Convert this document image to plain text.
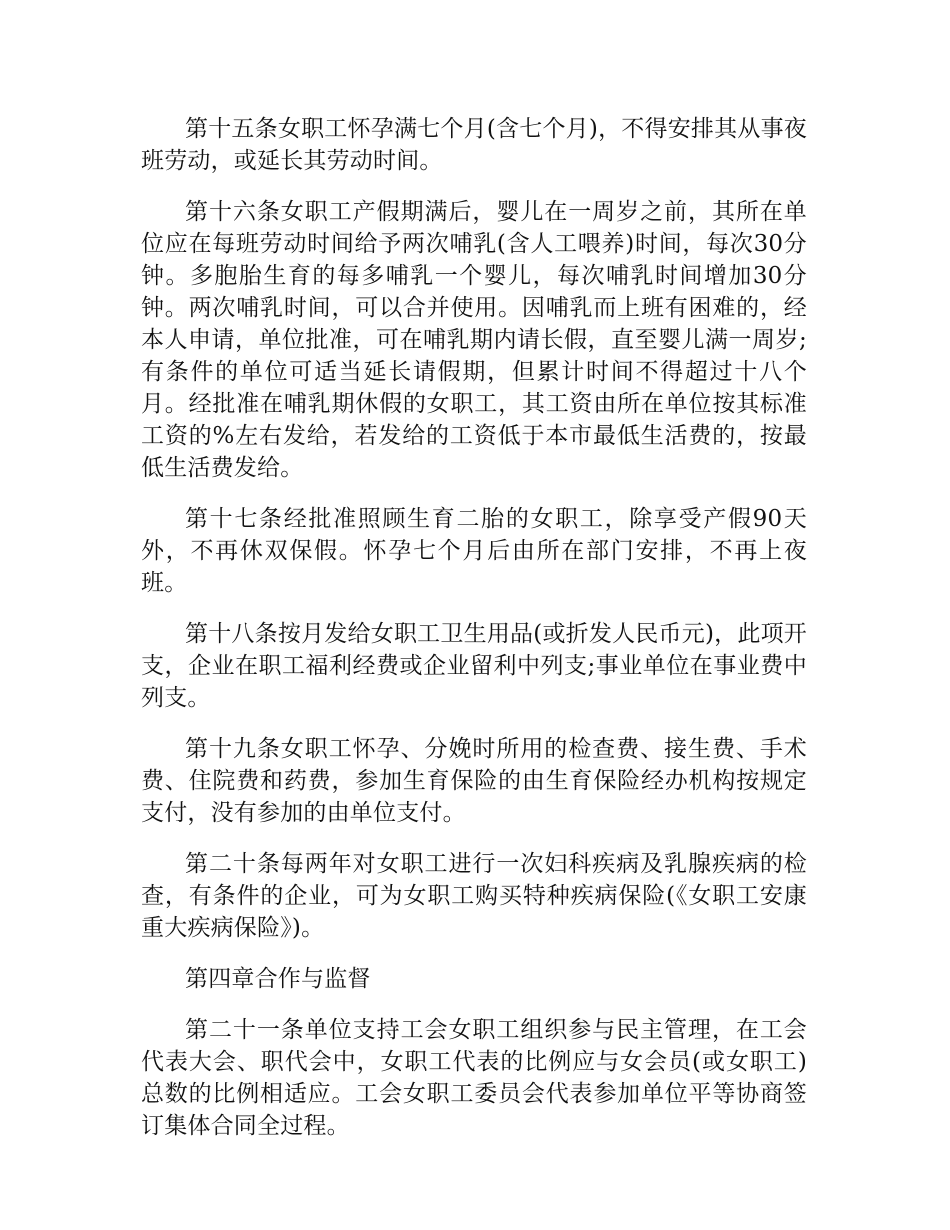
第十五条女职工怀孕满七个月(含七个月)，不得安排其从事夜班劳动，或延长其劳动时间。

第十六条女职工产假期满后，婴儿在一周岁之前，其所在单位应在每班劳动时间给予两次哺乳(含人工喂养)时间，每次30分钟。多胞胎生育的每多哺乳一个婴儿，每次哺乳时间增加30分钟。两次哺乳时间，可以合并使用。因哺乳而上班有困难的，经本人申请，单位批准，可在哺乳期内请长假，直至婴儿满一周岁;有条件的单位可适当延长请假期，但累计时间不得超过十八个月。经批准在哺乳期休假的女职工，其工资由所在单位按其标准工资的%左右发给，若发给的工资低于本市最低生活费的，按最低生活费发给。

第十七条经批准照顾生育二胎的女职工，除享受产假90天外，不再休双保假。怀孕七个月后由所在部门安排，不再上夜班。

第十八条按月发给女职工卫生用品(或折发人民币元)，此项开支，企业在职工福利经费或企业留利中列支;事业单位在事业费中列支。

第十九条女职工怀孕、分娩时所用的检查费、接生费、手术费、住院费和药费，参加生育保险的由生育保险经办机构按规定支付，没有参加的由单位支付。

第二十条每两年对女职工进行一次妇科疾病及乳腺疾病的检查，有条件的企业，可为女职工购买特种疾病保险(《女职工安康重大疾病保险》)。

第四章合作与监督

第二十一条单位支持工会女职工组织参与民主管理，在工会代表大会、职代会中，女职工代表的比例应与女会员(或女职工)总数的比例相适应。工会女职工委员会代表参加单位平等协商签订集体合同全过程。
